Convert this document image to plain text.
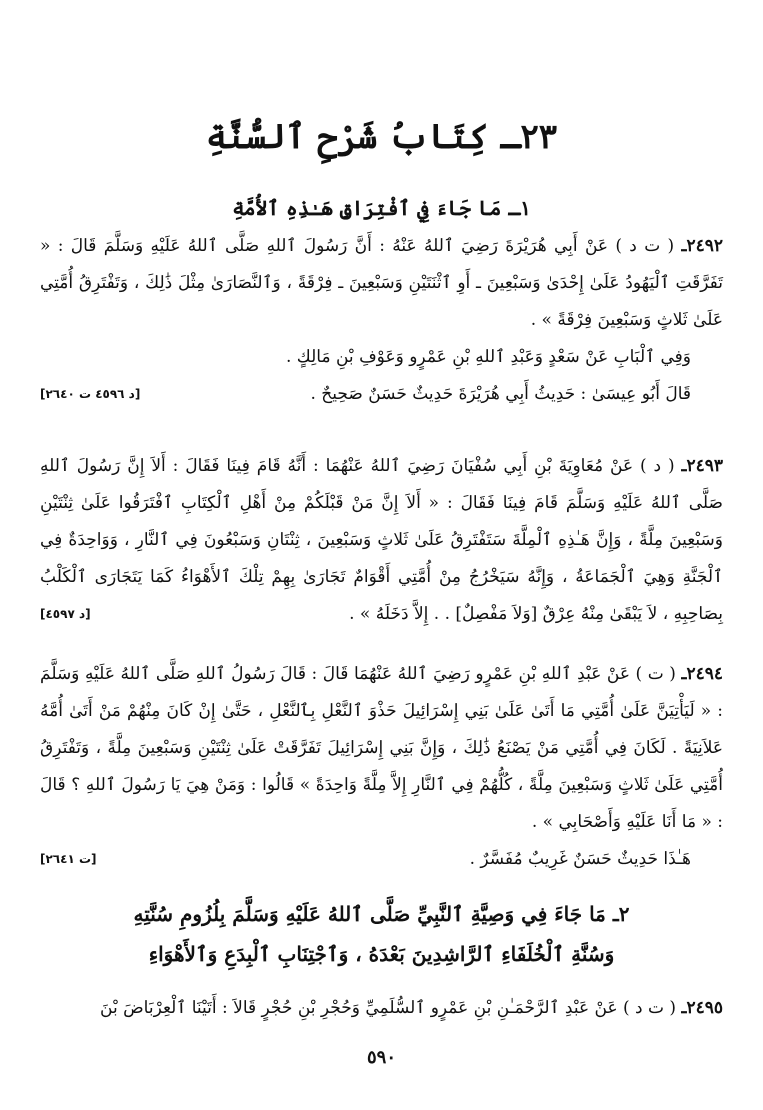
٢٣ـ كِتَابُ شَرْحِ ٱلسُّنَّةِ
١ـ مَا جَاءَ فِي ٱفْتِرَاقِ هَـٰذِهِ ٱلأُمَّةِ

٢٤٩٢ـ ( ت د ) عَنْ أَبِي هُرَيْرَةَ رَضِيَ ٱللهُ عَنْهُ : أَنَّ رَسُولَ ٱللهِ صَلَّى ٱللهُ عَلَيْهِ وَسَلَّمَ قَالَ : « تَفَرَّقَتِ ٱلْيَهُودُ عَلَىٰ إِحْدَىٰ وَسَبْعِينَ ـ أَوِ ٱثْنَتَيْنِ وَسَبْعِينَ ـ فِرْقَةً ، وَٱلنَّصَارَىٰ مِثْلَ ذَٰلِكَ ، وَتَفْتَرِقُ أُمَّتِي عَلَىٰ ثَلاثٍ وَسَبْعِينَ فِرْقَةً » .

وَفِي ٱلْبَابِ عَنْ سَعْدٍ وَعَبْدِ ٱللهِ بْنِ عَمْرٍو وَعَوْفِ بْنِ مَالِكٍ .

قَالَ أَبُو عِيسَىٰ : حَدِيثُ أَبِي هُرَيْرَةَ حَدِيثٌ حَسَنٌ صَحِيحٌ .
[د ٤٥٩٦ ت ٢٦٤٠]

٢٤٩٣ـ ( د ) عَنْ مُعَاوِيَةَ بْنِ أَبِي سُفْيَانَ رَضِيَ ٱللهُ عَنْهُمَا : أَنَّهُ قَامَ فِينَا فَقَالَ : أَلاَ إِنَّ رَسُولَ ٱللهِ صَلَّى ٱللهُ عَلَيْهِ وَسَلَّمَ قَامَ فِينَا فَقَالَ : « أَلاَ إِنَّ مَنْ قَبْلَكُمْ مِنْ أَهْلِ ٱلْكِتَابِ ٱفْتَرَقُوا عَلَىٰ ثِنْتَيْنِ وَسَبْعِينَ مِلَّةً ، وَإِنَّ هَـٰذِهِ ٱلْمِلَّةَ سَتَفْتَرِقُ عَلَىٰ ثَلاثٍ وَسَبْعِينَ ، ثِنْتَانِ وَسَبْعُونَ فِي ٱلنَّارِ ، وَوَاحِدَةٌ فِي ٱلْجَنَّةِ وَهِيَ ٱلْجَمَاعَةُ ، وَإِنَّهُ سَيَخْرُجُ مِنْ أُمَّتِي أَقْوَامٌ تَجَارَىٰ بِهِمْ تِلْكَ ٱلأَهْوَاءُ كَمَا يَتَجَارَى ٱلْكَلْبُ بِصَاحِبِهِ ، لاَ يَبْقَىٰ مِنْهُ عِرْقٌ [وَلاَ مَفْصِلٌ] . . إِلاَّ دَخَلَهُ » .
[د ٤٥٩٧]

٢٤٩٤ـ ( ت ) عَنْ عَبْدِ ٱللهِ بْنِ عَمْرٍو رَضِيَ ٱللهُ عَنْهُمَا قَالَ : قَالَ رَسُولُ ٱللهِ صَلَّى ٱللهُ عَلَيْهِ وَسَلَّمَ : « لَيَأْتِيَنَّ عَلَىٰ أُمَّتِي مَا أَتَىٰ عَلَىٰ بَنِي إِسْرَائِيلَ حَذْوَ ٱلنَّعْلِ بِٱلنَّعْلِ ، حَتَّىٰ إِنْ كَانَ مِنْهُمْ مَنْ أَتَىٰ أُمَّهُ عَلاَنِيَةً . لَكَانَ فِي أُمَّتِي مَنْ يَصْنَعُ ذَٰلِكَ ، وَإِنَّ بَنِي إِسْرَائِيلَ تَفَرَّقَتْ عَلَىٰ ثِنْتَيْنِ وَسَبْعِينَ مِلَّةً ، وَتَفْتَرِقُ أُمَّتِي عَلَىٰ ثَلاثٍ وَسَبْعِينَ مِلَّةً ، كُلُّهُمْ فِي ٱلنَّارِ إِلاَّ مِلَّةً وَاحِدَةً » قَالُوا : وَمَنْ هِيَ يَا رَسُولَ ٱللهِ ؟ قَالَ : « مَا أَنَا عَلَيْهِ وَأَصْحَابِي » .

هَـٰذَا حَدِيثٌ حَسَنٌ غَرِيبٌ مُفَسَّرٌ .
[ت ٢٦٤١]

٢ـ مَا جَاءَ فِي وَصِيَّةِ ٱلنَّبِيِّ صَلَّى ٱللهُ عَلَيْهِ وَسَلَّمَ بِلُزُومِ سُنَّتِهِ
وَسُنَّةِ ٱلْخُلَفَاءِ ٱلرَّاشِدِينَ بَعْدَهُ ، وَٱجْتِنَابِ ٱلْبِدَعِ وَٱلأَهْوَاءِ

٢٤٩٥ـ ( ت د ) عَنْ عَبْدِ ٱلرَّحْمَـٰنِ بْنِ عَمْرٍو ٱلسُّلَمِيِّ وَحُجْرِ بْنِ حُجْرٍ قَالاَ : أَتَيْنَا ٱلْعِرْبَاضَ بْنَ

٥٩٠
